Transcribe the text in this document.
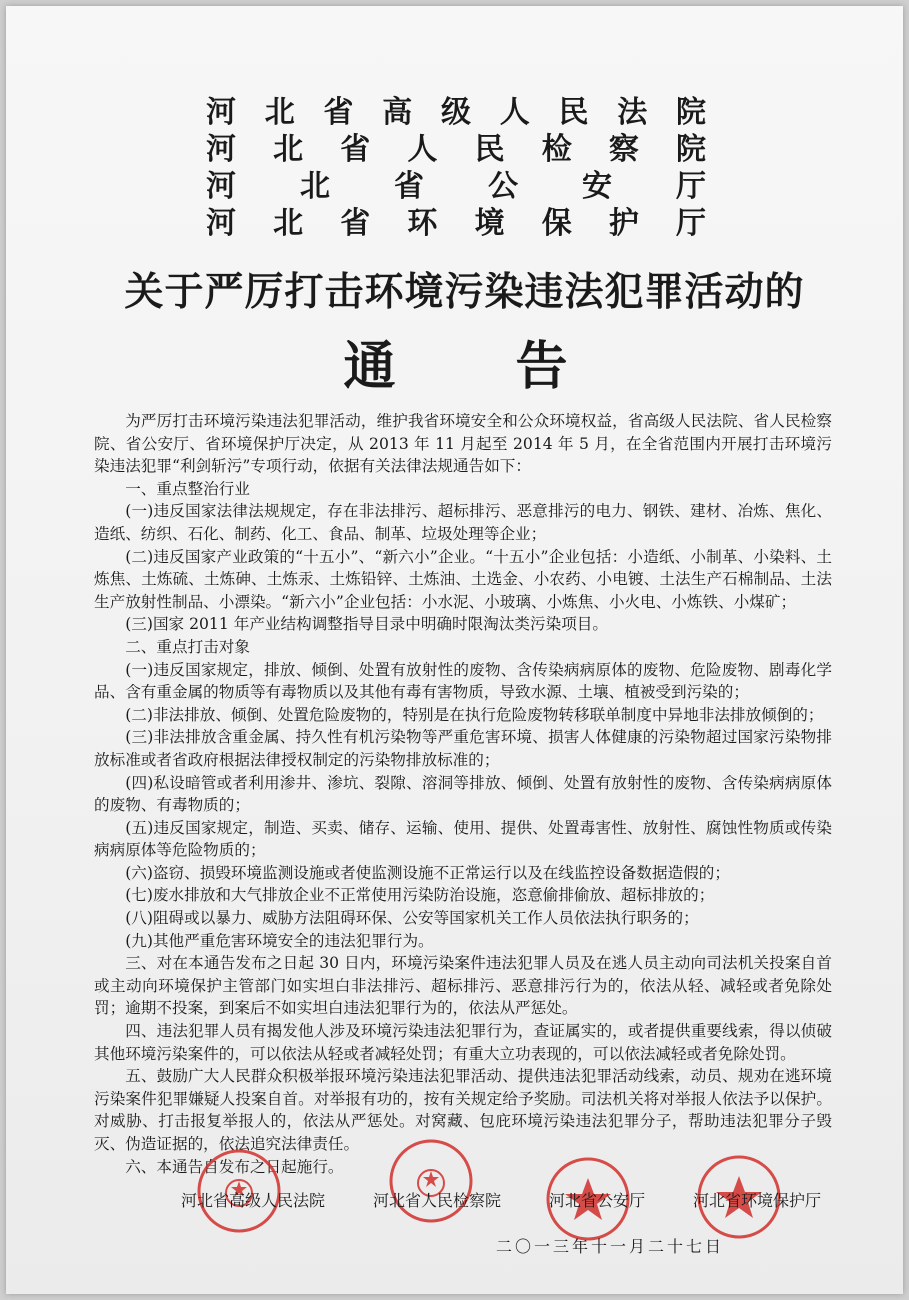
河 北 省 高 级 人 民 法 院
河 北 省 人 民 检 察 院
河 北 省 公 安 厅
河 北 省 环 境 保 护 厅
关于严厉打击环境污染违法犯罪活动的
通告

为严厉打击环境污染违法犯罪活动，维护我省环境安全和公众环境权益，省高级人民法院、省人民检察院、省公安厅、省环境保护厅决定，从 2013 年 11 月起至 2014 年 5 月，在全省范围内开展打击环境污染违法犯罪“利剑斩污”专项行动，依据有关法律法规通告如下：

一、重点整治行业

(一)违反国家法律法规规定，存在非法排污、超标排污、恶意排污的电力、钢铁、建材、冶炼、焦化、造纸、纺织、石化、制药、化工、食品、制革、垃圾处理等企业；

(二)违反国家产业政策的“十五小”、“新六小”企业。“十五小”企业包括：小造纸、小制革、小染料、土炼焦、土炼硫、土炼砷、土炼汞、土炼铅锌、土炼油、土选金、小农药、小电镀、土法生产石棉制品、土法生产放射性制品、小漂染。“新六小”企业包括：小水泥、小玻璃、小炼焦、小火电、小炼铁、小煤矿；

(三)国家 2011 年产业结构调整指导目录中明确时限淘汰类污染项目。

二、重点打击对象

(一)违反国家规定，排放、倾倒、处置有放射性的废物、含传染病病原体的废物、危险废物、剧毒化学品、含有重金属的物质等有毒物质以及其他有毒有害物质，导致水源、土壤、植被受到污染的；

(二)非法排放、倾倒、处置危险废物的，特别是在执行危险废物转移联单制度中异地非法排放倾倒的；

(三)非法排放含重金属、持久性有机污染物等严重危害环境、损害人体健康的污染物超过国家污染物排放标准或者省政府根据法律授权制定的污染物排放标准的；

(四)私设暗管或者利用渗井、渗坑、裂隙、溶洞等排放、倾倒、处置有放射性的废物、含传染病病原体的废物、有毒物质的；

(五)违反国家规定，制造、买卖、储存、运输、使用、提供、处置毒害性、放射性、腐蚀性物质或传染病病原体等危险物质的；

(六)盗窃、损毁环境监测设施或者使监测设施不正常运行以及在线监控设备数据造假的；

(七)废水排放和大气排放企业不正常使用污染防治设施，恣意偷排偷放、超标排放的；

(八)阻碍或以暴力、威胁方法阻碍环保、公安等国家机关工作人员依法执行职务的；

(九)其他严重危害环境安全的违法犯罪行为。

三、对在本通告发布之日起 30 日内，环境污染案件违法犯罪人员及在逃人员主动向司法机关投案自首或主动向环境保护主管部门如实坦白非法排污、超标排污、恶意排污行为的，依法从轻、减轻或者免除处罚；逾期不投案，到案后不如实坦白违法犯罪行为的，依法从严惩处。

四、违法犯罪人员有揭发他人涉及环境污染违法犯罪行为，查证属实的，或者提供重要线索，得以侦破其他环境污染案件的，可以依法从轻或者减轻处罚；有重大立功表现的，可以依法减轻或者免除处罚。

五、鼓励广大人民群众积极举报环境污染违法犯罪活动、提供违法犯罪活动线索，动员、规劝在逃环境污染案件犯罪嫌疑人投案自首。对举报有功的，按有关规定给予奖励。司法机关将对举报人依法予以保护。对威胁、打击报复举报人的，依法从严惩处。对窝藏、包庇环境污染违法犯罪分子，帮助违法犯罪分子毁灭、伪造证据的，依法追究法律责任。

六、本通告自发布之日起施行。

河北省高级人民法院	河北省人民检察院	河北省公安厅	河北省环境保护厅
二〇一三年十一月二十七日
